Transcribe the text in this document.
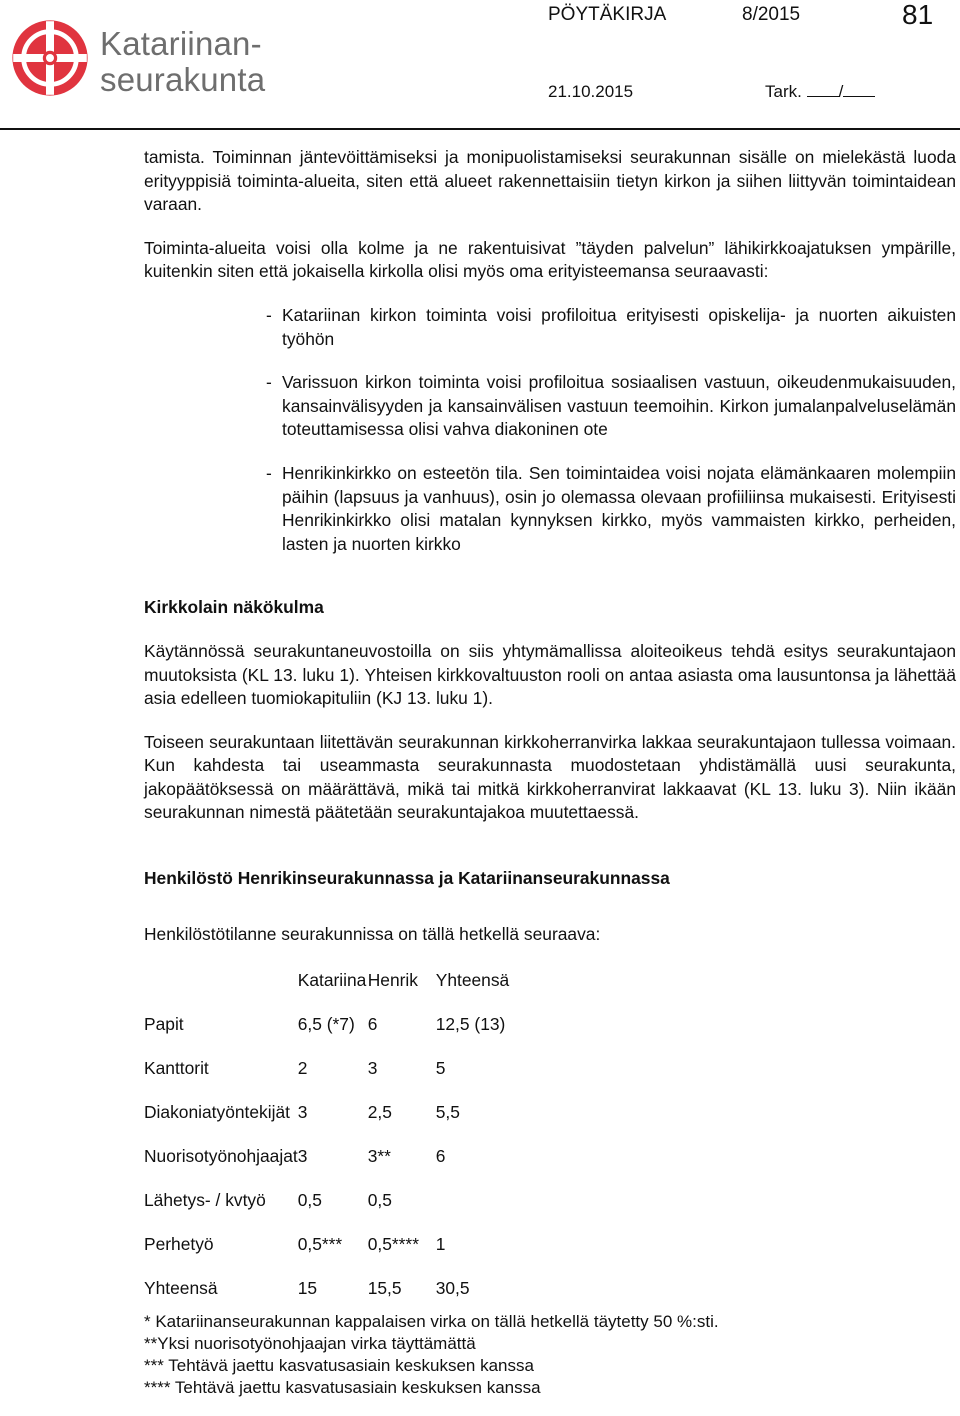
Katariinan-
seurakunta
PÖYTÄKIRJA	8/2015	81
21.10.2015	Tark. /

tamista. Toiminnan jäntevöittämiseksi ja monipuolistamiseksi seurakunnan sisälle on mielekästä luoda erityyppisiä toiminta-alueita, siten että alueet rakennettaisiin tietyn kirkon ja siihen liittyvän toimintaidean varaan.

Toiminta-alueita voisi olla kolme ja ne rakentuisivat ”täyden palvelun” lähikirkkoajatuksen ympärille, kuitenkin siten että jokaisella kirkolla olisi myös oma erityisteemansa seuraavasti:

- Katariinan kirkon toiminta voisi profiloitua erityisesti opiskelija- ja nuorten aikuisten työhön

- Varissuon kirkon toiminta voisi profiloitua sosiaalisen vastuun, oikeudenmukaisuuden, kansainvälisyyden ja kansainvälisen vastuun teemoihin. Kirkon jumalanpalveluselämän toteuttamisessa olisi vahva diakoninen ote

- Henrikinkirkko on esteetön tila. Sen toimintaidea voisi nojata elämänkaaren molempiin päihin (lapsuus ja vanhuus), osin jo olemassa olevaan profiiliinsa mukaisesti. Erityisesti Henrikinkirkko olisi matalan kynnyksen kirkko, myös vammaisten kirkko, perheiden, lasten ja nuorten kirkko

Kirkkolain näkökulma

Käytännössä seurakuntaneuvostoilla on siis yhtymämallissa aloiteoikeus tehdä esitys seurakuntajaon muutoksista (KL 13. luku 1). Yhteisen kirkkovaltuuston rooli on antaa asiasta oma lausuntonsa ja lähettää asia edelleen tuomiokapituliin (KJ 13. luku 1).

Toiseen seurakuntaan liitettävän seurakunnan kirkkoherranvirka lakkaa seurakuntajaon tullessa voimaan. Kun kahdesta tai useammasta seurakunnasta muodostetaan yhdistämällä uusi seurakunta, jakopäätöksessä on määrättävä, mikä tai mitkä kirkkoherranvirat lakkaavat (KL 13. luku 3). Niin ikään seurakunnan nimestä päätetään seurakuntajakoa muutettaessä.

Henkilöstö Henrikinseurakunnassa ja Katariinanseurakunnassa

Henkilöstötilanne seurakunnissa on tällä hetkellä seuraava:

	Katariina	Henrik	Yhteensä
Papit	6,5 (*7)	6	12,5 (13)
Kanttorit	2	3	5
Diakoniatyöntekijät	3	2,5	5,5
Nuorisotyönohjaajat	3	3**	6
Lähetys- / kvtyö	0,5	0,5	
Perhetyö	0,5***	0,5****	1
Yhteensä	15	15,5	30,5

* Katariinanseurakunnan kappalaisen virka on tällä hetkellä täytetty 50 %:sti.

**Yksi nuorisotyönohjaajan virka täyttämättä

*** Tehtävä jaettu kasvatusasiain keskuksen kanssa

**** Tehtävä jaettu kasvatusasiain keskuksen kanssa
